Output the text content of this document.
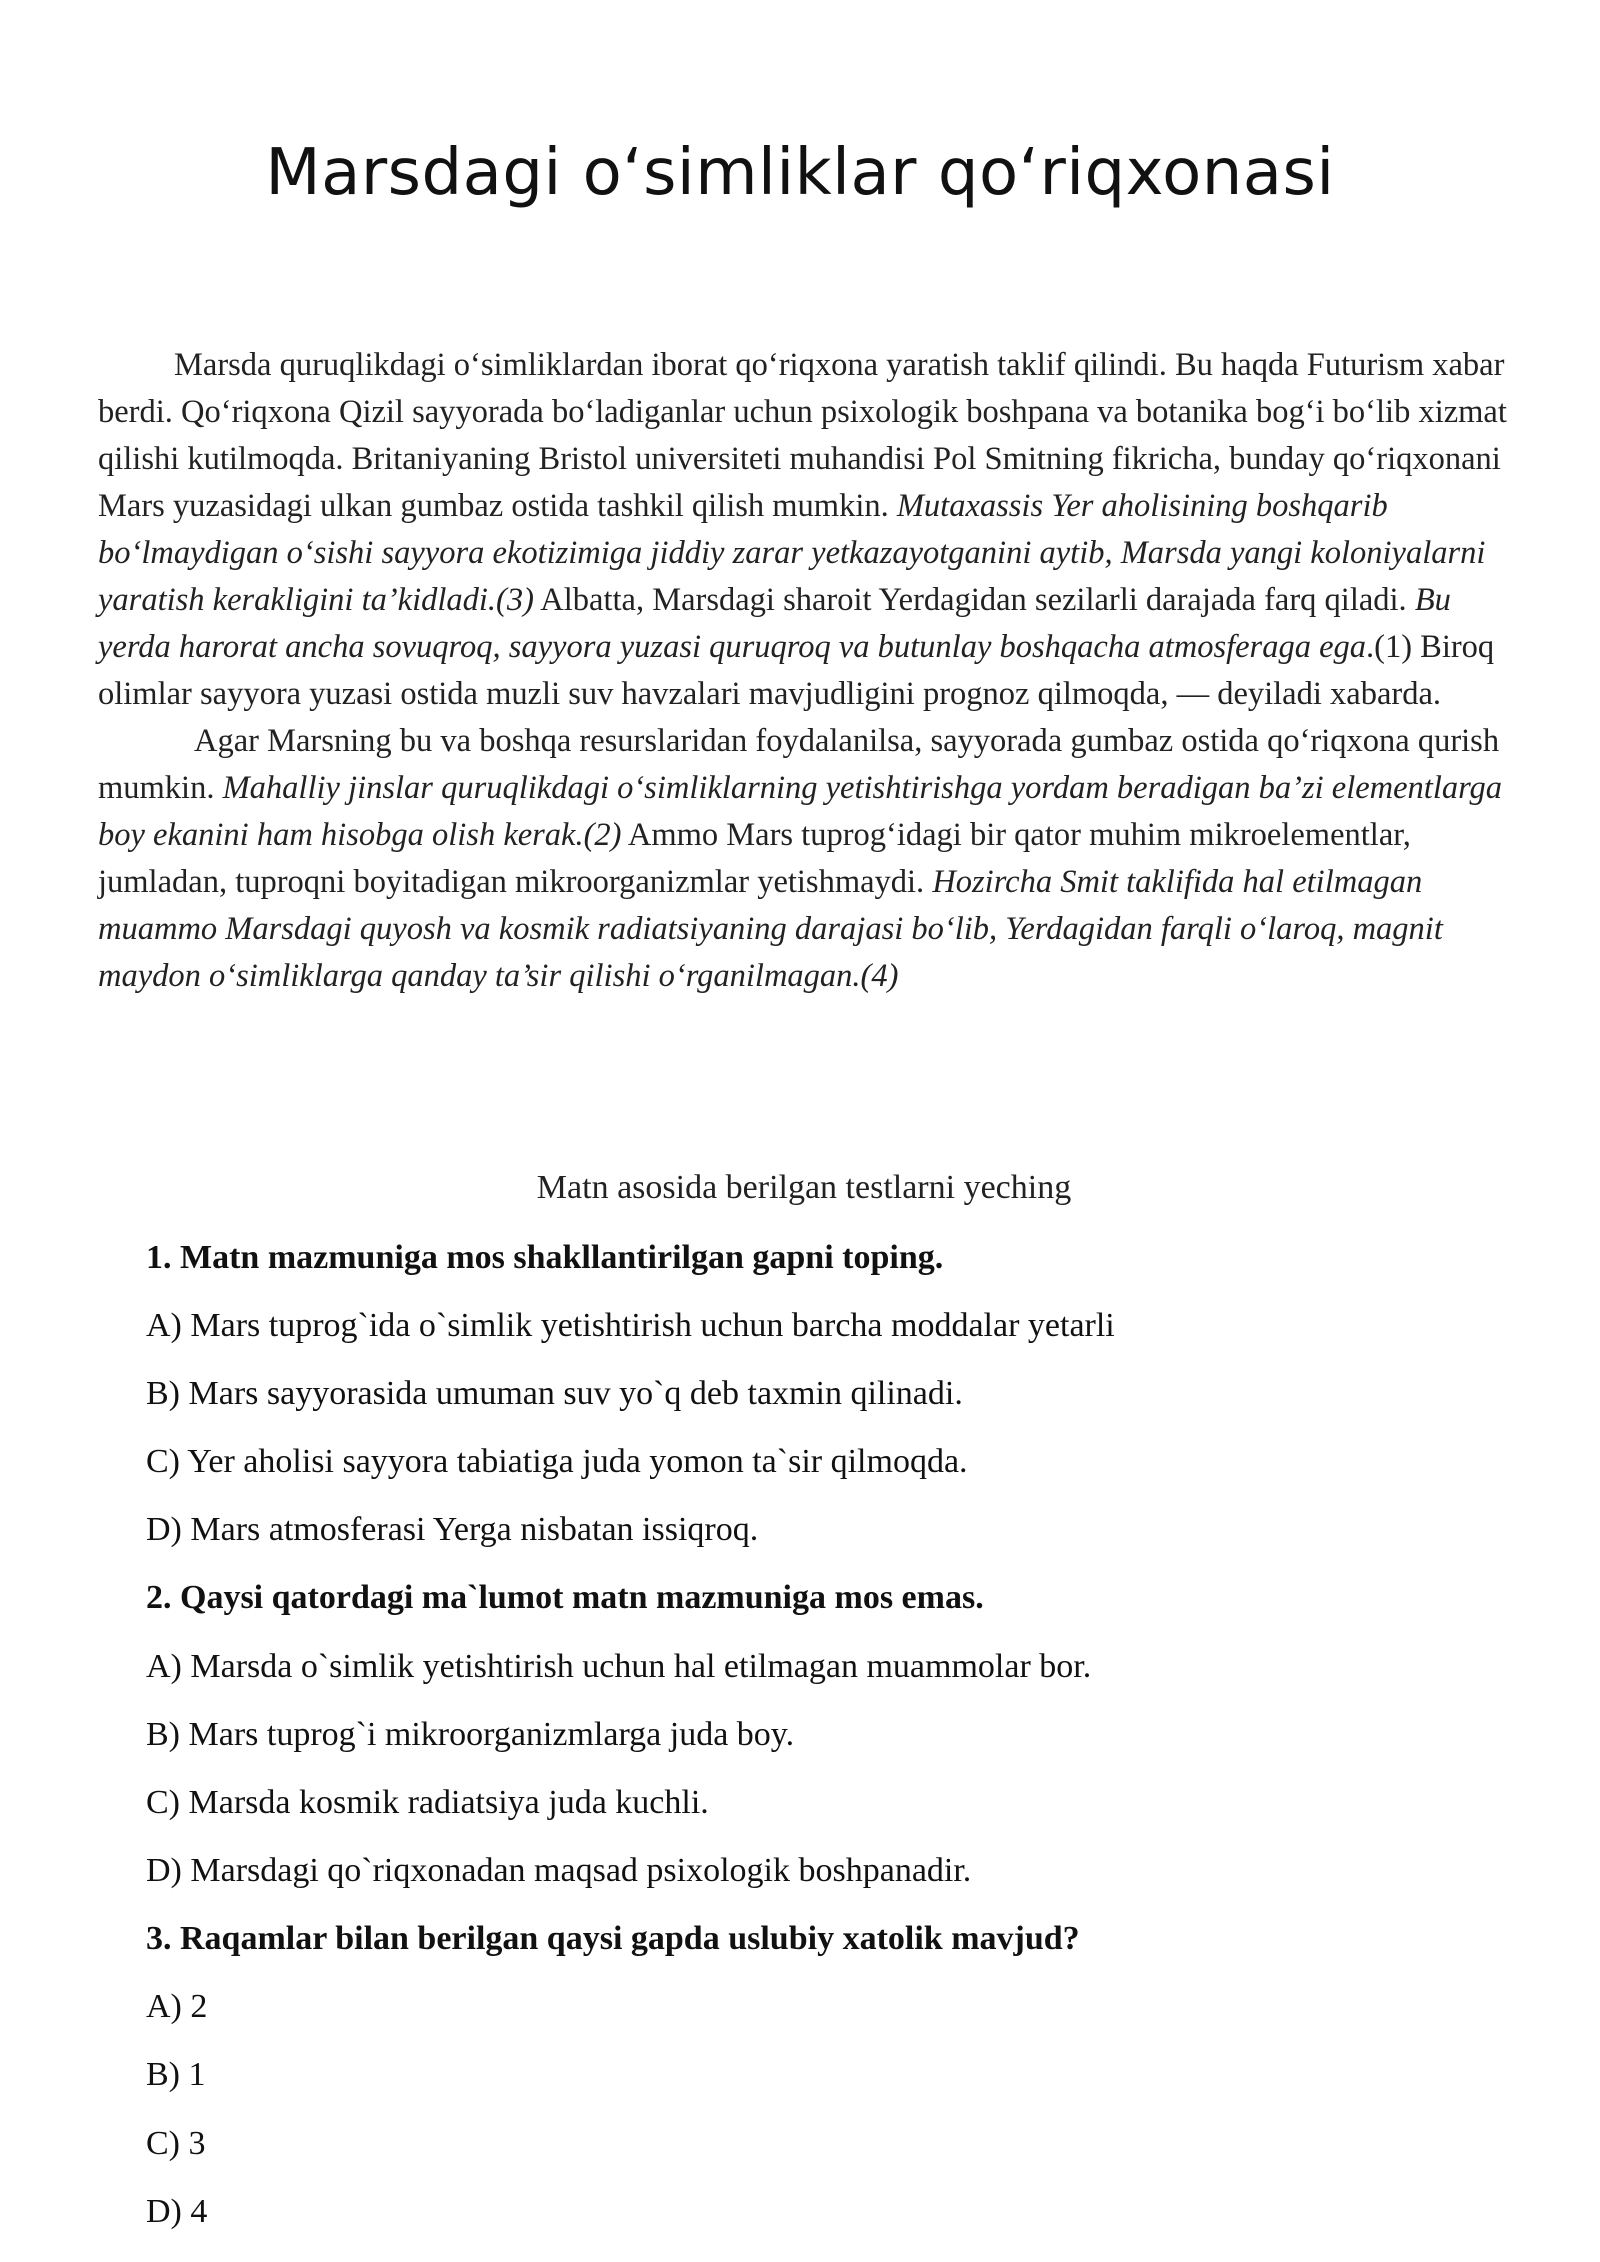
Marsdagi o‘simliklar qo‘riqxonasi

Marsda quruqlikdagi o‘simliklardan iborat qo‘riqxona yaratish taklif qilindi. Bu haqda Futurism xabar berdi. Qo‘riqxona Qizil sayyorada bo‘ladiganlar uchun psixologik boshpana va botanika bog‘i bo‘lib xizmat qilishi kutilmoqda. Britaniyaning Bristol universiteti muhandisi Pol Smitning fikricha, bunday qo‘riqxonani Mars yuzasidagi ulkan gumbaz ostida tashkil qilish mumkin. Mutaxassis Yer aholisining boshqarib bo‘lmaydigan o‘sishi sayyora ekotizimiga jiddiy zarar yetkazayotganini aytib, Marsda yangi koloniyalarni yaratish kerakligini ta’kidladi.(3) Albatta, Marsdagi sharoit Yerdagidan sezilarli darajada farq qiladi. Bu yerda harorat ancha sovuqroq, sayyora yuzasi quruqroq va butunlay boshqacha atmosferaga ega.(1) Biroq olimlar sayyora yuzasi ostida muzli suv havzalari mavjudligini prognoz qilmoqda, — deyiladi xabarda.

Agar Marsning bu va boshqa resurslaridan foydalanilsa, sayyorada gumbaz ostida qo‘riqxona qurish mumkin. Mahalliy jinslar quruqlikdagi o‘simliklarning yetishtirishga yordam beradigan ba’zi elementlarga boy ekanini ham hisobga olish kerak.(2) Ammo Mars tuprog‘idagi bir qator muhim mikroelementlar, jumladan, tuproqni boyitadigan mikroorganizmlar yetishmaydi. Hozircha Smit taklifida hal etilmagan muammo Marsdagi quyosh va kosmik radiatsiyaning darajasi bo‘lib, Yerdagidan farqli o‘laroq, magnit maydon o‘simliklarga qanday ta’sir qilishi o‘rganilmagan.(4)

Matn asosida berilgan testlarni yeching
1. Matn mazmuniga mos shakllantirilgan gapni toping.
A) Mars tuprog`ida o`simlik yetishtirish uchun barcha moddalar yetarli
B) Mars sayyorasida umuman suv yo`q deb taxmin qilinadi.
C) Yer aholisi sayyora tabiatiga juda yomon ta`sir qilmoqda.
D) Mars atmosferasi Yerga nisbatan issiqroq.
2. Qaysi qatordagi ma`lumot matn mazmuniga mos emas.
A) Marsda o`simlik yetishtirish uchun hal etilmagan muammolar bor.
B) Mars tuprog`i mikroorganizmlarga juda boy.
C) Marsda kosmik radiatsiya juda kuchli.
D) Marsdagi qo`riqxonadan maqsad psixologik boshpanadir.
3. Raqamlar bilan berilgan qaysi gapda uslubiy xatolik mavjud?
A) 2
B) 1
C) 3
D) 4
